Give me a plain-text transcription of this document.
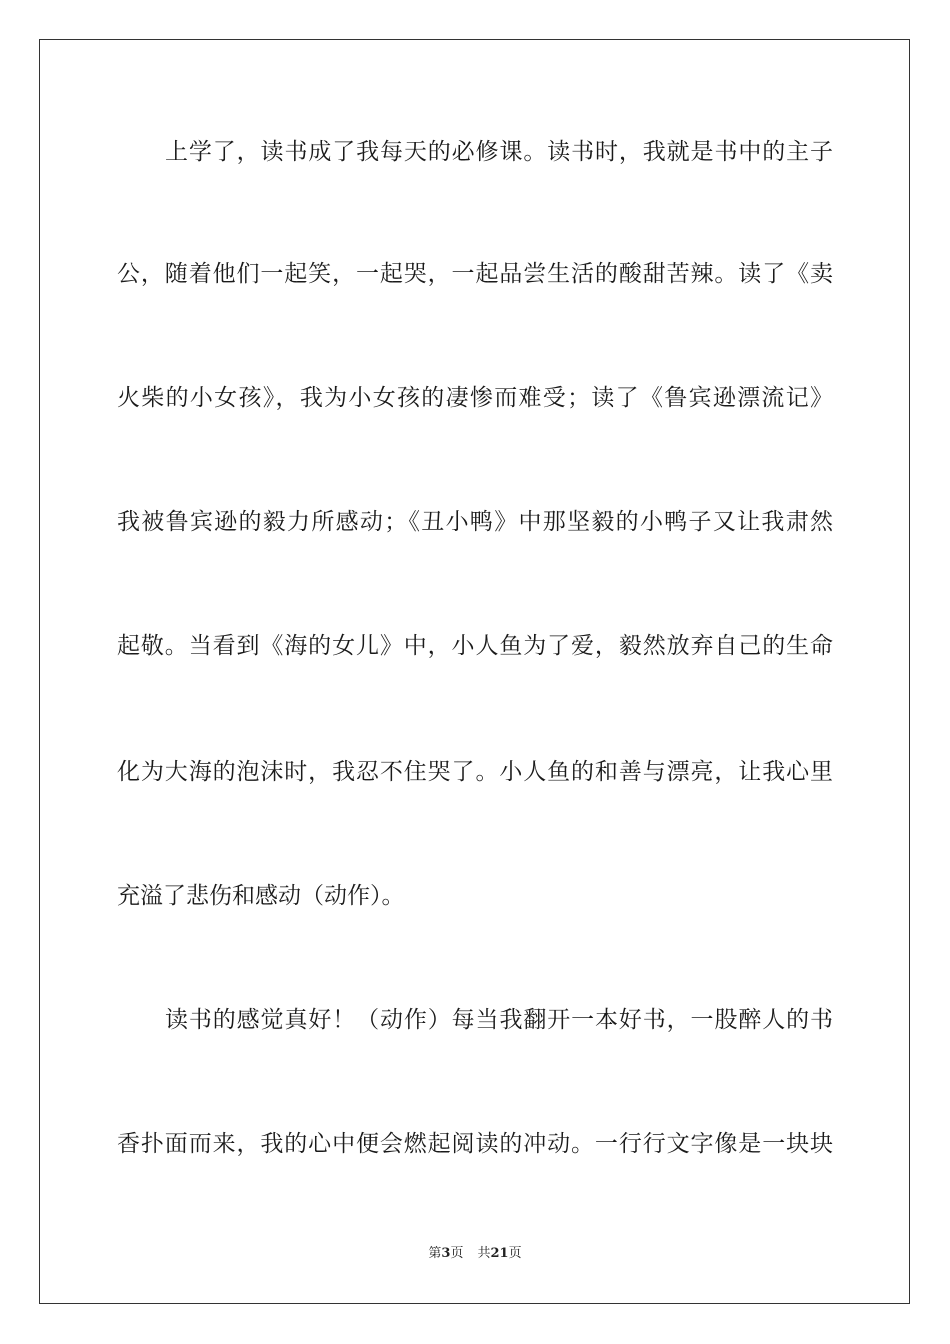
上学了，读书成了我每天的必修课。读书时，我就是书中的主子
公，随着他们一起笑，一起哭，一起品尝生活的酸甜苦辣。读了《卖
火柴的小女孩》，我为小女孩的凄惨而难受；读了《鲁宾逊漂流记》
我被鲁宾逊的毅力所感动；《丑小鸭》中那坚毅的小鸭子又让我肃然
起敬。当看到《海的女儿》中，小人鱼为了爱，毅然放弃自己的生命
化为大海的泡沫时，我忍不住哭了。小人鱼的和善与漂亮，让我心里
充溢了悲伤和感动（动作）。
读书的感觉真好！（动作）每当我翻开一本好书，一股醉人的书
香扑面而来，我的心中便会燃起阅读的冲动。一行行文字像是一块块
第3页 共21页
